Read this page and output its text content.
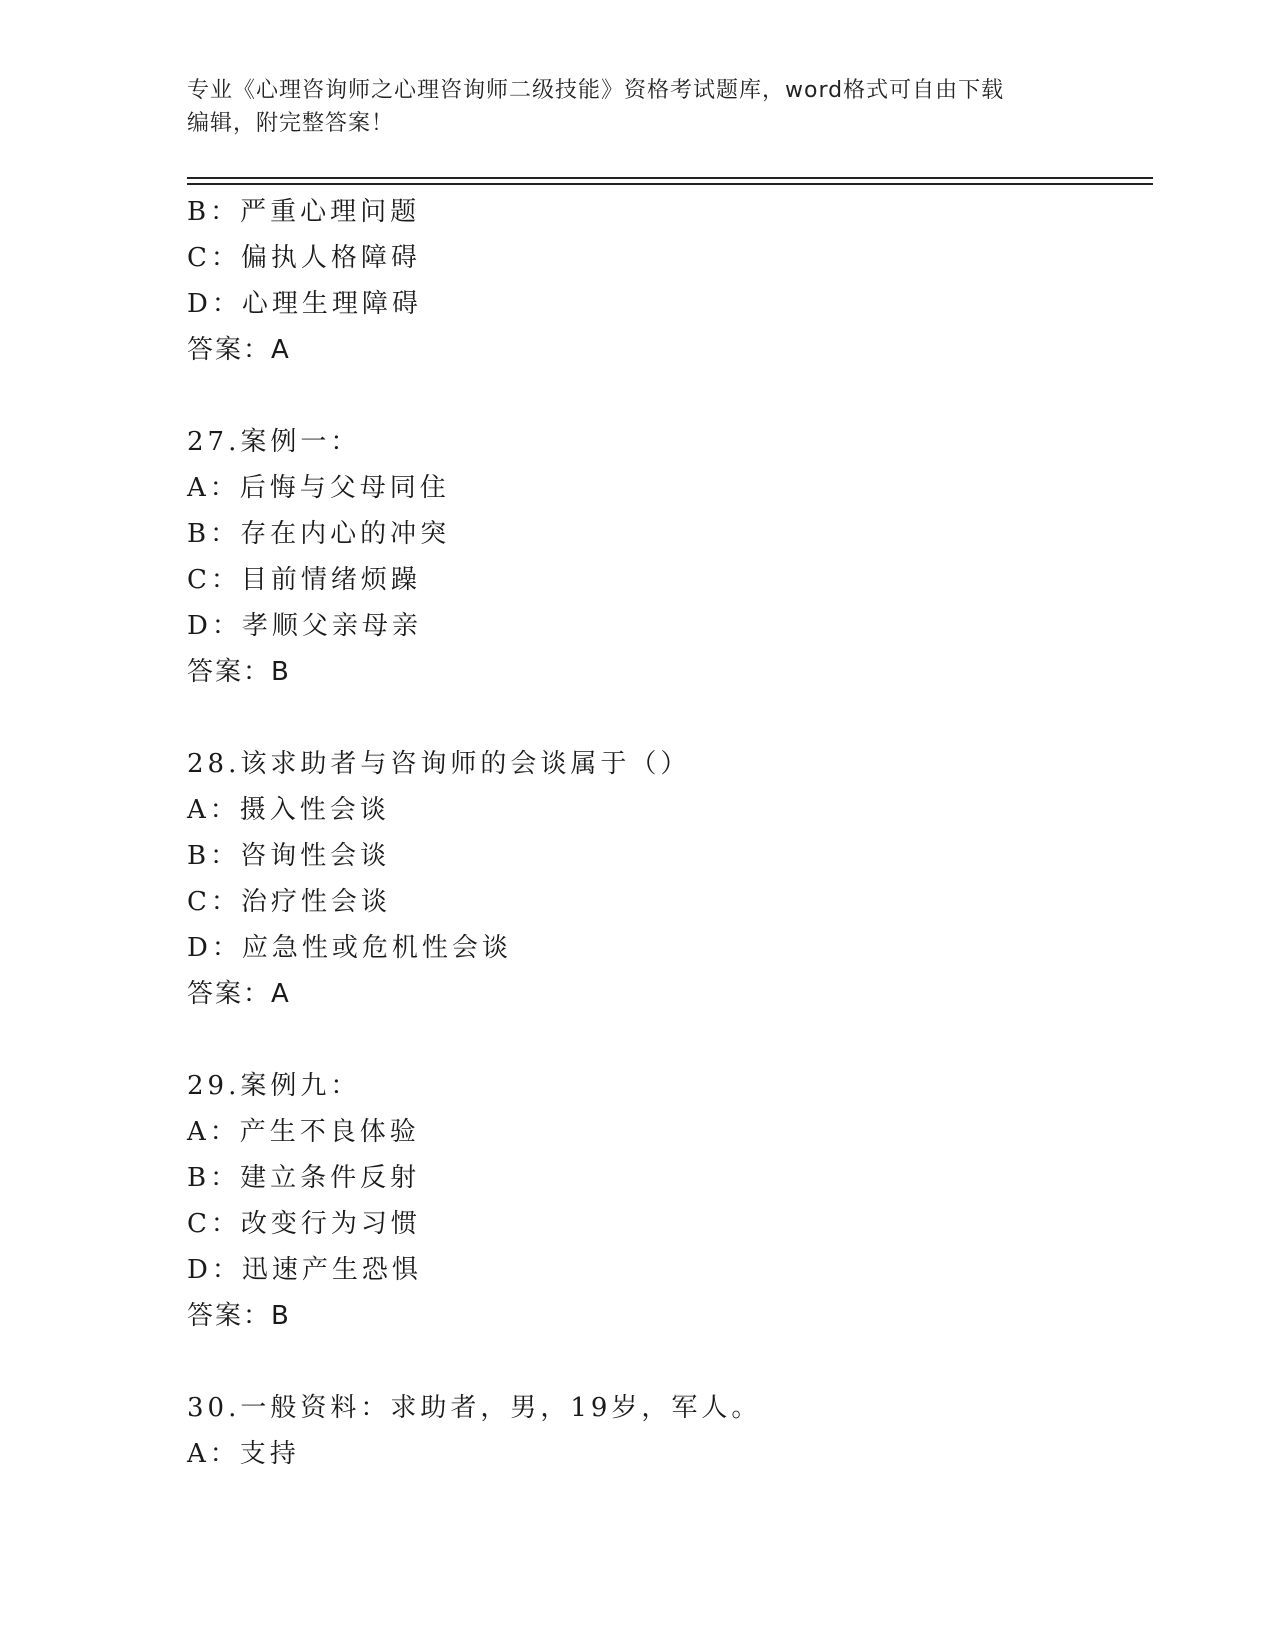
专业《心理咨询师之心理咨询师二级技能》资格考试题库，word格式可自由下载
编辑，附完整答案！
B：严重心理问题
C：偏执人格障碍
D：心理生理障碍
答案：A
27.案例一：
A：后悔与父母同住
B：存在内心的冲突
C：目前情绪烦躁
D：孝顺父亲母亲
答案：B
28.该求助者与咨询师的会谈属于（）
A：摄入性会谈
B：咨询性会谈
C：治疗性会谈
D：应急性或危机性会谈
答案：A
29.案例九：
A：产生不良体验
B：建立条件反射
C：改变行为习惯
D：迅速产生恐惧
答案：B
30.一般资料：求助者，男，19岁，军人。
A：支持
